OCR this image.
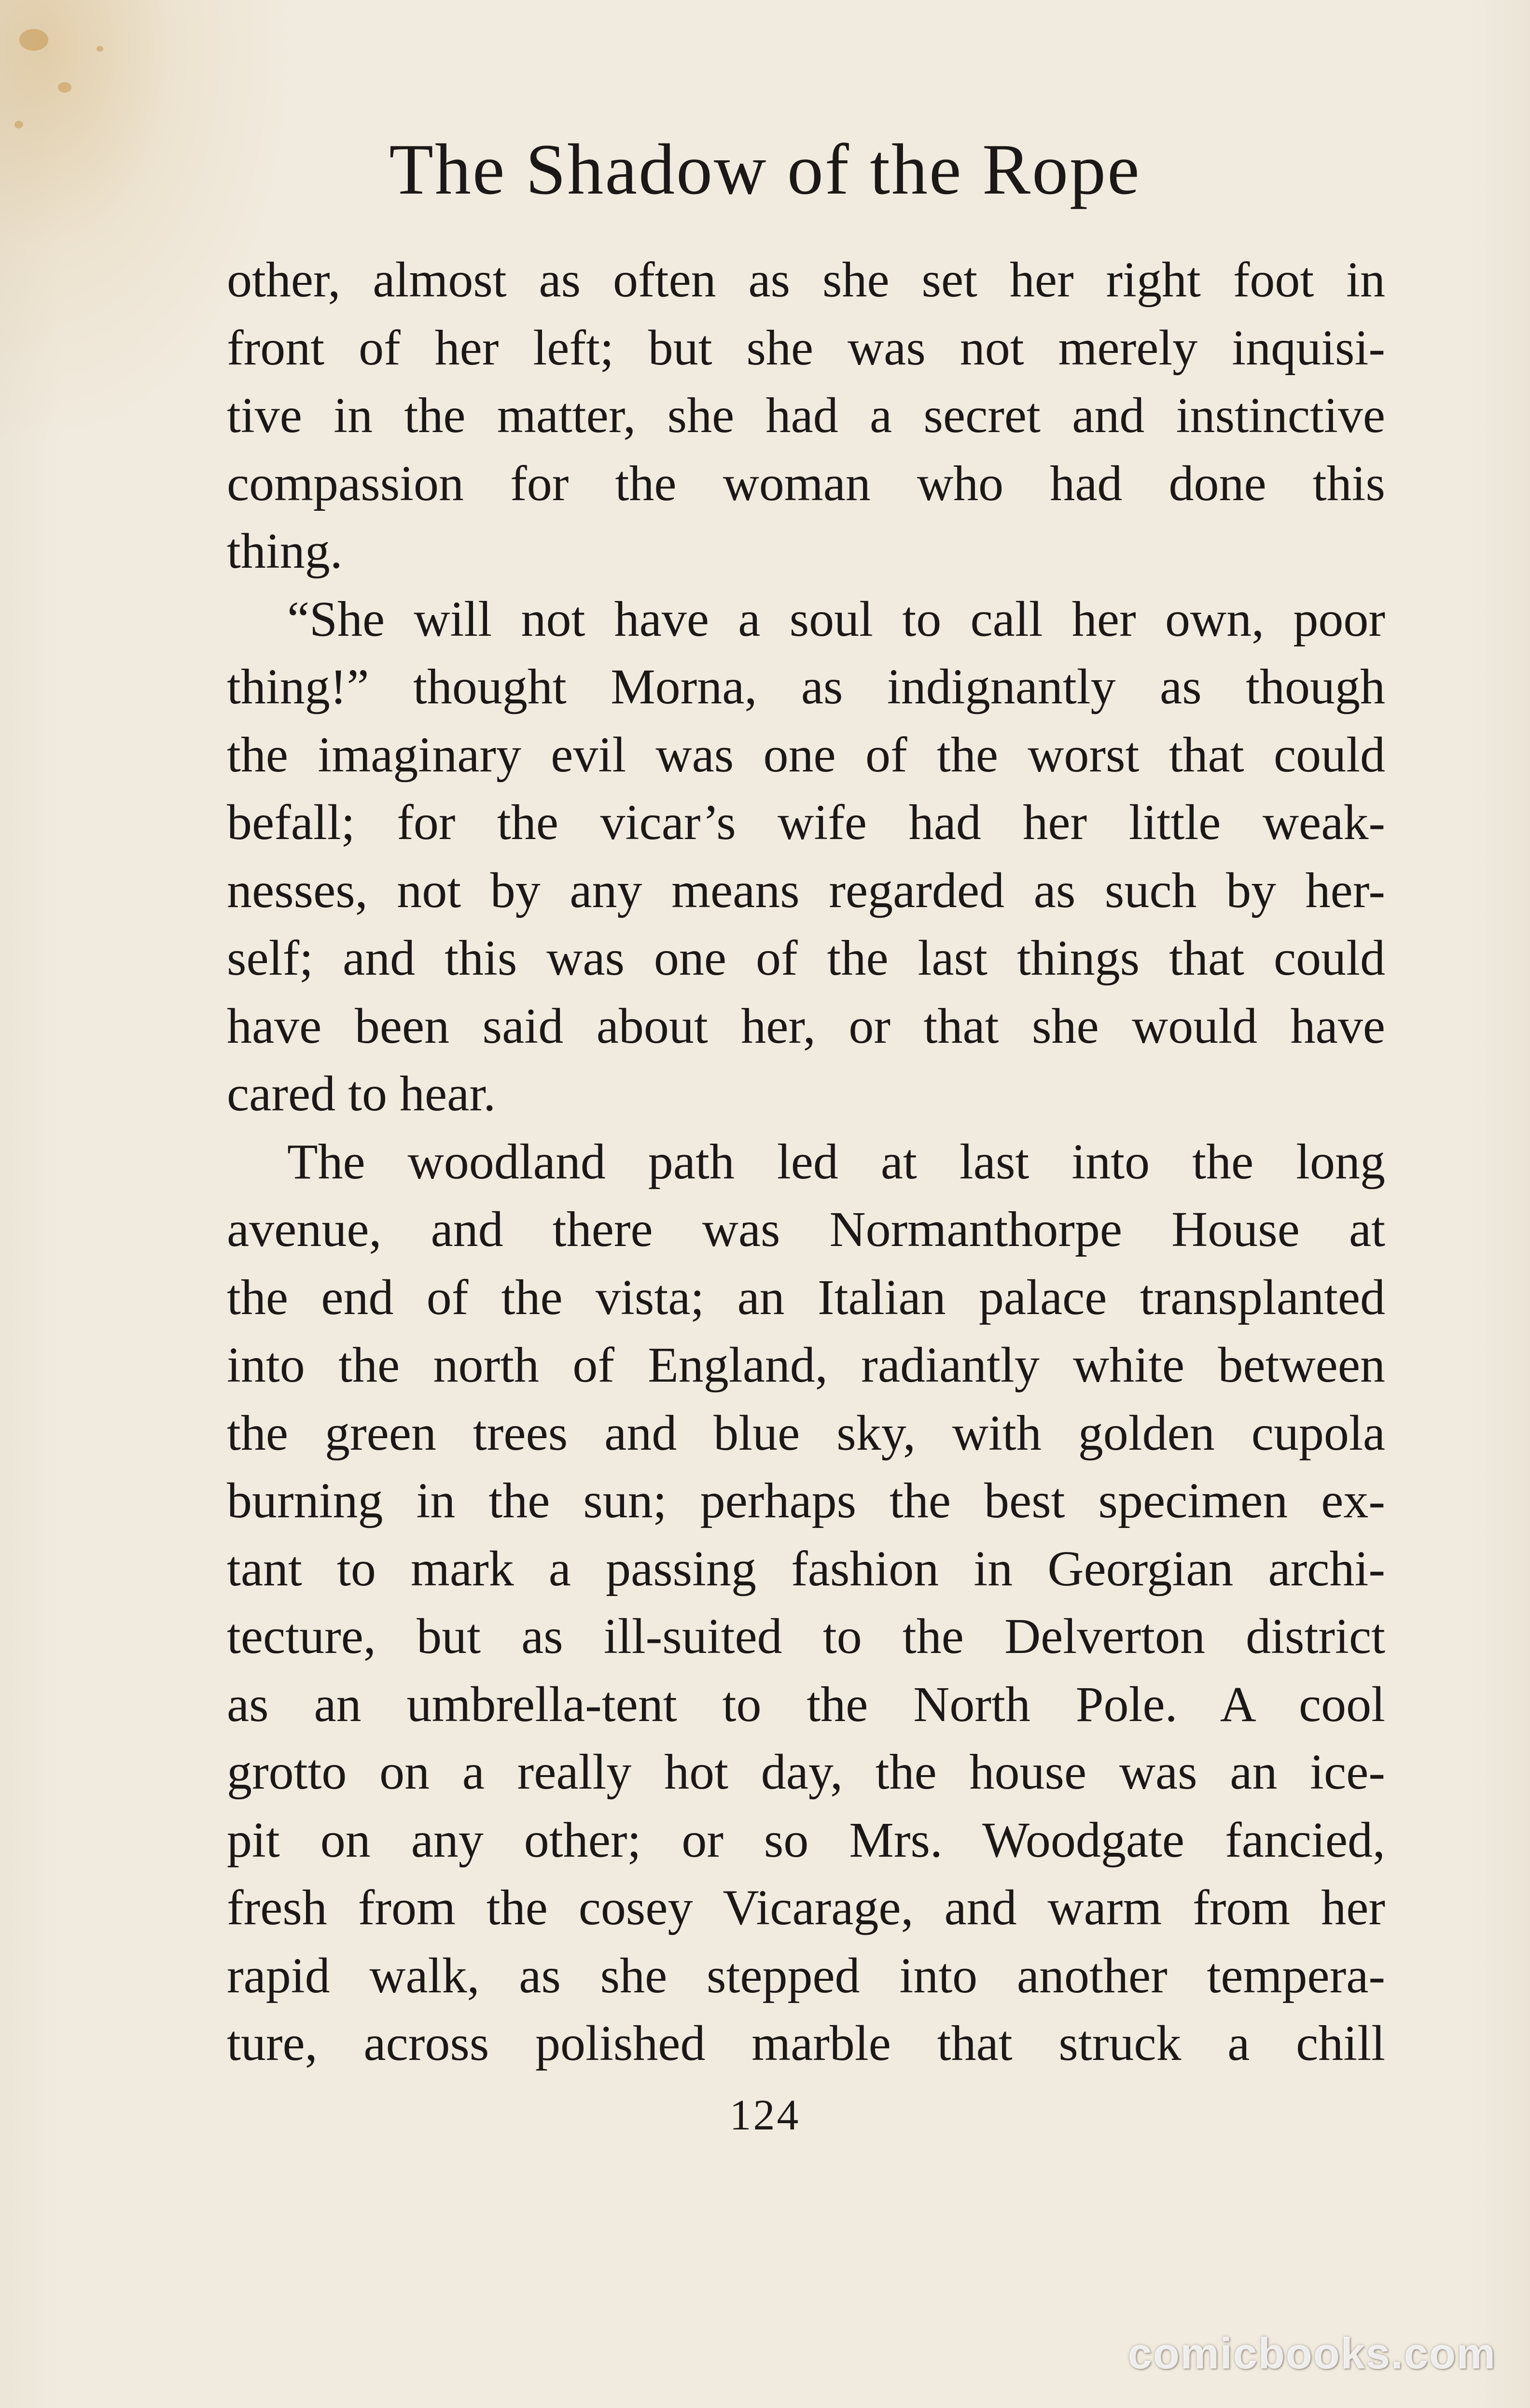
The Shadow of the Rope
other, almost as often as she set her right foot in
front of her left; but she was not merely inquisi-
tive in the matter, she had a secret and instinctive
compassion for the woman who had done this
thing.
“She will not have a soul to call her own, poor
thing!” thought Morna, as indignantly as though
the imaginary evil was one of the worst that could
befall; for the vicar’s wife had her little weak-
nesses, not by any means regarded as such by her-
self; and this was one of the last things that could
have been said about her, or that she would have
cared to hear.
The woodland path led at last into the long
avenue, and there was Normanthorpe House at
the end of the vista; an Italian palace transplanted
into the north of England, radiantly white between
the green trees and blue sky, with golden cupola
burning in the sun; perhaps the best specimen ex-
tant to mark a passing fashion in Georgian archi-
tecture, but as ill-suited to the Delverton district
as an umbrella-tent to the North Pole. A cool
grotto on a really hot day, the house was an ice-
pit on any other; or so Mrs. Woodgate fancied,
fresh from the cosey Vicarage, and warm from her
rapid walk, as she stepped into another tempera-
ture, across polished marble that struck a chill
124
comicbooks.com
